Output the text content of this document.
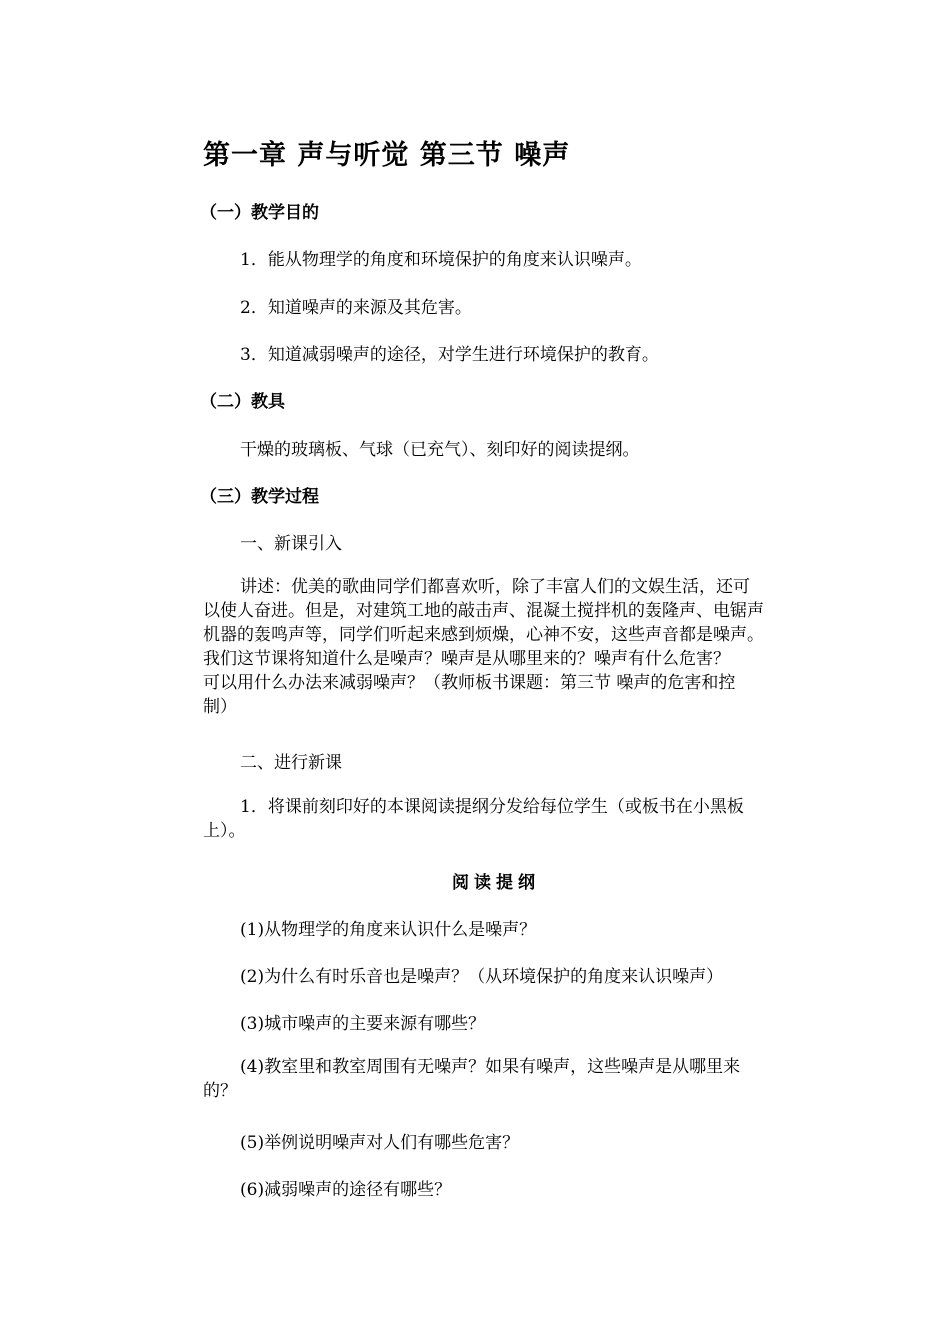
第一章 声与听觉 第三节 噪声
（一）教学目的
1．能从物理学的角度和环境保护的角度来认识噪声。
2．知道噪声的来源及其危害。
3．知道减弱噪声的途径，对学生进行环境保护的教育。
（二）教具
干燥的玻璃板、气球（已充气）、刻印好的阅读提纲。
（三）教学过程
一、新课引入
讲述：优美的歌曲同学们都喜欢听，除了丰富人们的文娱生活，还可
以使人奋进。但是，对建筑工地的敲击声、混凝土搅拌机的轰隆声、电锯声
机器的轰鸣声等，同学们听起来感到烦燥，心神不安，这些声音都是噪声。
我们这节课将知道什么是噪声？噪声是从哪里来的？噪声有什么危害？
可以用什么办法来减弱噪声？（教师板书课题：第三节 噪声的危害和控
制）
二、进行新课
1．将课前刻印好的本课阅读提纲分发给每位学生（或板书在小黑板
上）。
阅读提纲
(1)从物理学的角度来认识什么是噪声？
(2)为什么有时乐音也是噪声？（从环境保护的角度来认识噪声）
(3)城市噪声的主要来源有哪些？
(4)教室里和教室周围有无噪声？如果有噪声，这些噪声是从哪里来
的？
(5)举例说明噪声对人们有哪些危害？
(6)减弱噪声的途径有哪些？
